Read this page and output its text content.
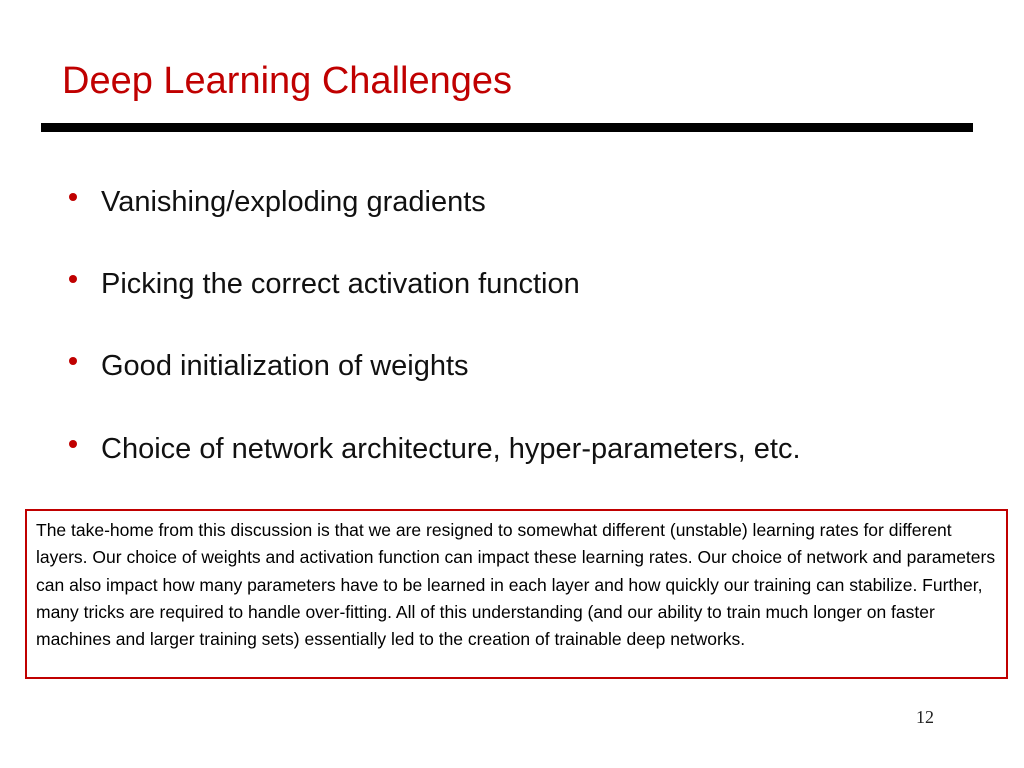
Deep Learning Challenges
Vanishing/exploding gradients
Picking the correct activation function
Good initialization of weights
Choice of network architecture, hyper-parameters, etc.

The take-home from this discussion is that we are resigned to somewhat different (unstable) learning rates for different layers. Our choice of weights and activation function can impact these learning rates. Our choice of network and parameters can also impact how many parameters have to be learned in each layer and how quickly our training can stabilize. Further, many tricks are required to handle over-fitting. All of this understanding (and our ability to train much longer on faster machines and larger training sets) essentially led to the creation of trainable deep networks.

12
